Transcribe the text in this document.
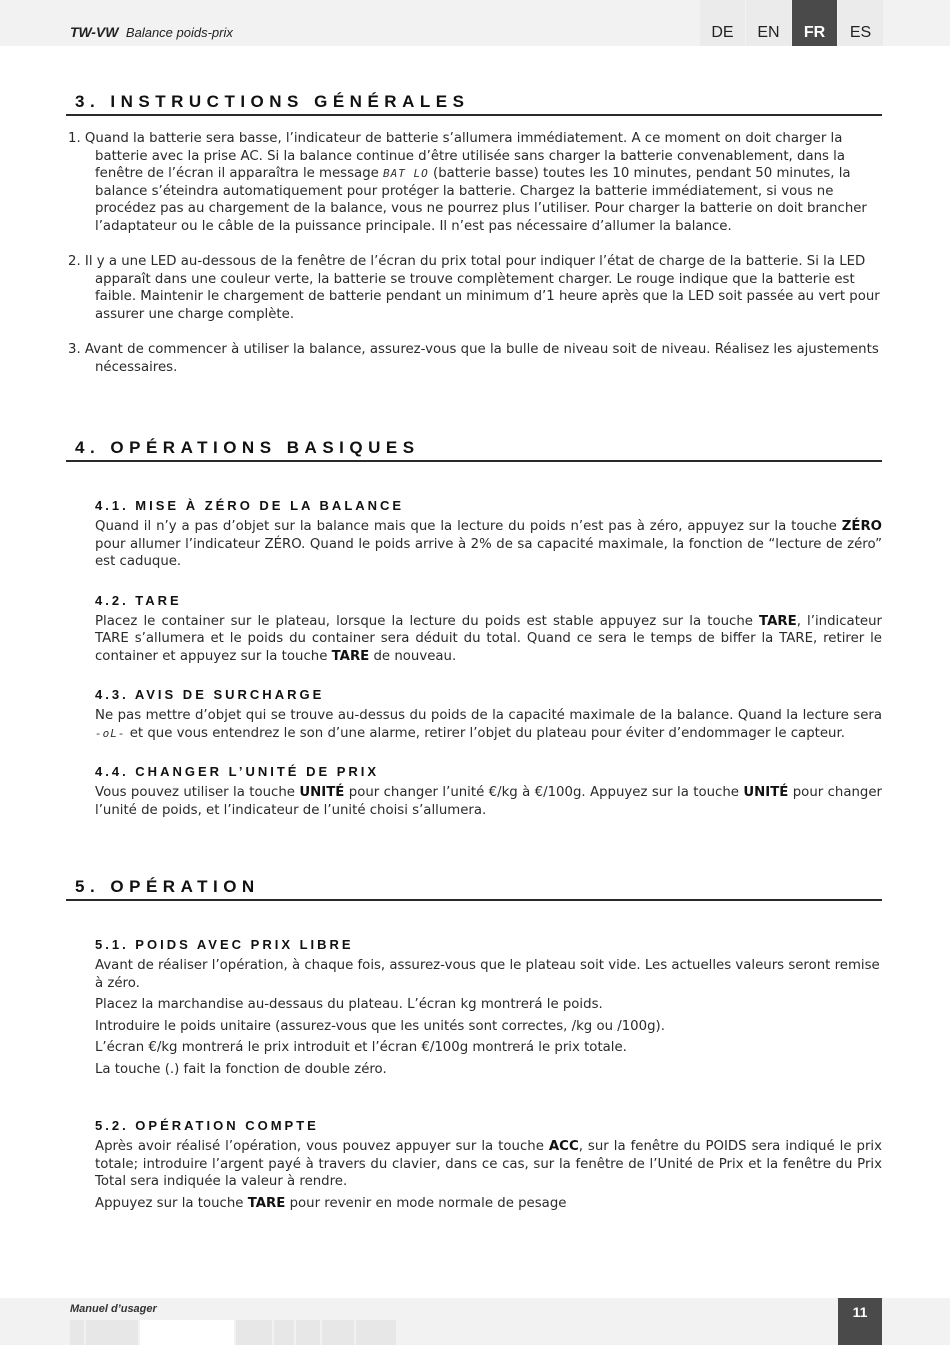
TW-VW Balance poids-prix	DE	EN	FR	ES
3. INSTRUCTIONS GÉNÉRALES

1. Quand la batterie sera basse, l’indicateur de batterie s’allumera immédiatement. A ce moment on doit charger la batterie avec la prise AC. Si la balance continue d’être utilisée sans charger la batterie convenablement, dans la fenêtre de l’écran il apparaîtra le message BAT LO (batterie basse) toutes les 10 minutes, pendant 50 minutes, la balance s’éteindra automatiquement pour protéger la batterie. Chargez la batterie immédiatement, si vous ne procédez pas au chargement de la balance, vous ne pourrez plus l’utiliser. Pour charger la batterie on doit brancher l’adaptateur ou le câble de la puissance principale. Il n’est pas nécessaire d’allumer la balance.

2. Il y a une LED au-dessous de la fenêtre de l’écran du prix total pour indiquer l’état de charge de la batterie. Si la LED apparaît dans une couleur verte, la batterie se trouve complètement charger. Le rouge indique que la batterie est faible. Maintenir le chargement de batterie pendant un minimum d’1 heure après que la LED soit passée au vert pour assurer une charge complète.

3. Avant de commencer à utiliser la balance, assurez-vous que la bulle de niveau soit de niveau. Réalisez les ajustements nécessaires.

4. OPÉRATIONS BASIQUES
4.1. MISE À ZÉRO DE LA BALANCE

Quand il n’y a pas d’objet sur la balance mais que la lecture du poids n’est pas à zéro, appuyez sur la touche ZÉRO pour allumer l’indicateur ZÉRO. Quand le poids arrive à 2% de sa capacité maximale, la fonction de “lecture de zéro” est caduque.

4.2. TARE

Placez le container sur le plateau, lorsque la lecture du poids est stable appuyez sur la touche TARE, l’indicateur TARE s’allumera et le poids du container sera déduit du total. Quand ce sera le temps de biffer la TARE, retirer le container et appuyez sur la touche TARE de nouveau.

4.3. AVIS DE SURCHARGE

Ne pas mettre d’objet qui se trouve au-dessus du poids de la capacité maximale de la balance. Quand la lecture sera -oL- et que vous entendrez le son d’une alarme, retirer l’objet du plateau pour éviter d’endommager le capteur.

4.4. CHANGER L’UNITÉ DE PRIX

Vous pouvez utiliser la touche UNITÉ pour changer l’unité €/kg à €/100g. Appuyez sur la touche UNITÉ pour changer l’unité de poids, et l’indicateur de l’unité choisi s’allumera.

5. OPÉRATION
5.1. POIDS AVEC PRIX LIBRE

Avant de réaliser l’opération, à chaque fois, assurez-vous que le plateau soit vide. Les actuelles valeurs seront remise à zéro.

Placez la marchandise au-dessaus du plateau. L’écran kg montrerá le poids.

Introduire le poids unitaire (assurez-vous que les unités sont correctes, /kg ou /100g).

L’écran €/kg montrerá le prix introduit et l’écran €/100g montrerá le prix totale.

La touche (.) fait la fonction de double zéro.

5.2. OPÉRATION COMPTE

Après avoir réalisé l’opération, vous pouvez appuyer sur la touche ACC, sur la fenêtre du POIDS sera indiqué le prix totale; introduire l’argent payé à travers du clavier, dans ce cas, sur la fenêtre de l’Unité de Prix et la fenêtre du Prix Total sera indiquée la valeur à rendre.

Appuyez sur la touche TARE pour revenir en mode normale de pesage

Manuel d’usager	11
